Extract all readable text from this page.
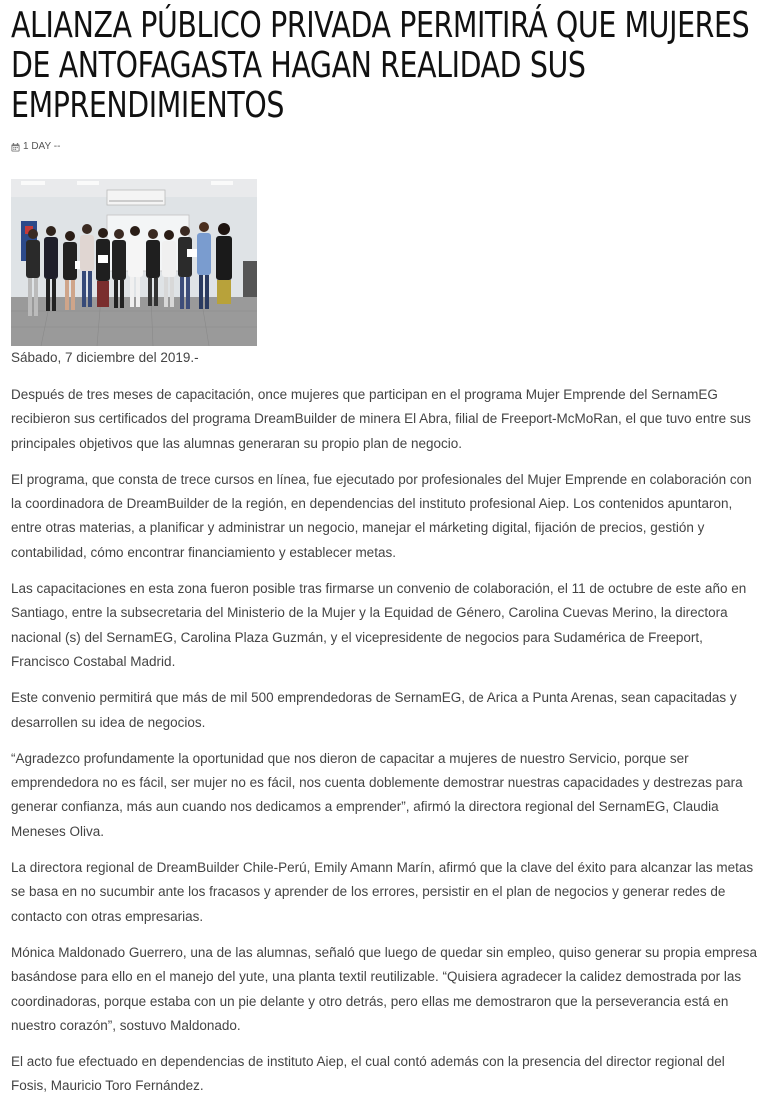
ALIANZA PÚBLICO PRIVADA PERMITIRÁ QUE MUJERES DE ANTOFAGASTA HAGAN REALIDAD SUS EMPRENDIMIENTOS
1 DAY --

Sábado, 7 diciembre del 2019.-

Después de tres meses de capacitación, once mujeres que participan en el programa Mujer Emprende del SernamEG recibieron sus certificados del programa DreamBuilder de minera El Abra, filial de Freeport-McMoRan, el que tuvo entre sus principales objetivos que las alumnas generaran su propio plan de negocio.

El programa, que consta de trece cursos en línea, fue ejecutado por profesionales del Mujer Emprende en colaboración con la coordinadora de DreamBuilder de la región, en dependencias del instituto profesional Aiep. Los contenidos apuntaron, entre otras materias, a planificar y administrar un negocio, manejar el márketing digital, fijación de precios, gestión y contabilidad, cómo encontrar financiamiento y establecer metas.

Las capacitaciones en esta zona fueron posible tras firmarse un convenio de colaboración, el 11 de octubre de este año en Santiago, entre la subsecretaria del Ministerio de la Mujer y la Equidad de Género, Carolina Cuevas Merino, la directora nacional (s) del SernamEG, Carolina Plaza Guzmán, y el vicepresidente de negocios para Sudamérica de Freeport, Francisco Costabal Madrid.

Este convenio permitirá que más de mil 500 emprendedoras de SernamEG, de Arica a Punta Arenas, sean capacitadas y desarrollen su idea de negocios.

“Agradezco profundamente la oportunidad que nos dieron de capacitar a mujeres de nuestro Servicio, porque ser emprendedora no es fácil, ser mujer no es fácil, nos cuenta doblemente demostrar nuestras capacidades y destrezas para generar confianza, más aun cuando nos dedicamos a emprender”, afirmó la directora regional del SernamEG, Claudia Meneses Oliva.

La directora regional de DreamBuilder Chile-Perú, Emily Amann Marín, afirmó que la clave del éxito para alcanzar las metas se basa en no sucumbir ante los fracasos y aprender de los errores, persistir en el plan de negocios y generar redes de contacto con otras empresarias.

Mónica Maldonado Guerrero, una de las alumnas, señaló que luego de quedar sin empleo, quiso generar su propia empresa basándose para ello en el manejo del yute, una planta textil reutilizable. “Quisiera agradecer la calidez demostrada por las coordinadoras, porque estaba con un pie delante y otro detrás, pero ellas me demostraron que la perseverancia está en nuestro corazón”, sostuvo Maldonado.

El acto fue efectuado en dependencias de instituto Aiep, el cual contó además con la presencia del director regional del Fosis, Mauricio Toro Fernández.
